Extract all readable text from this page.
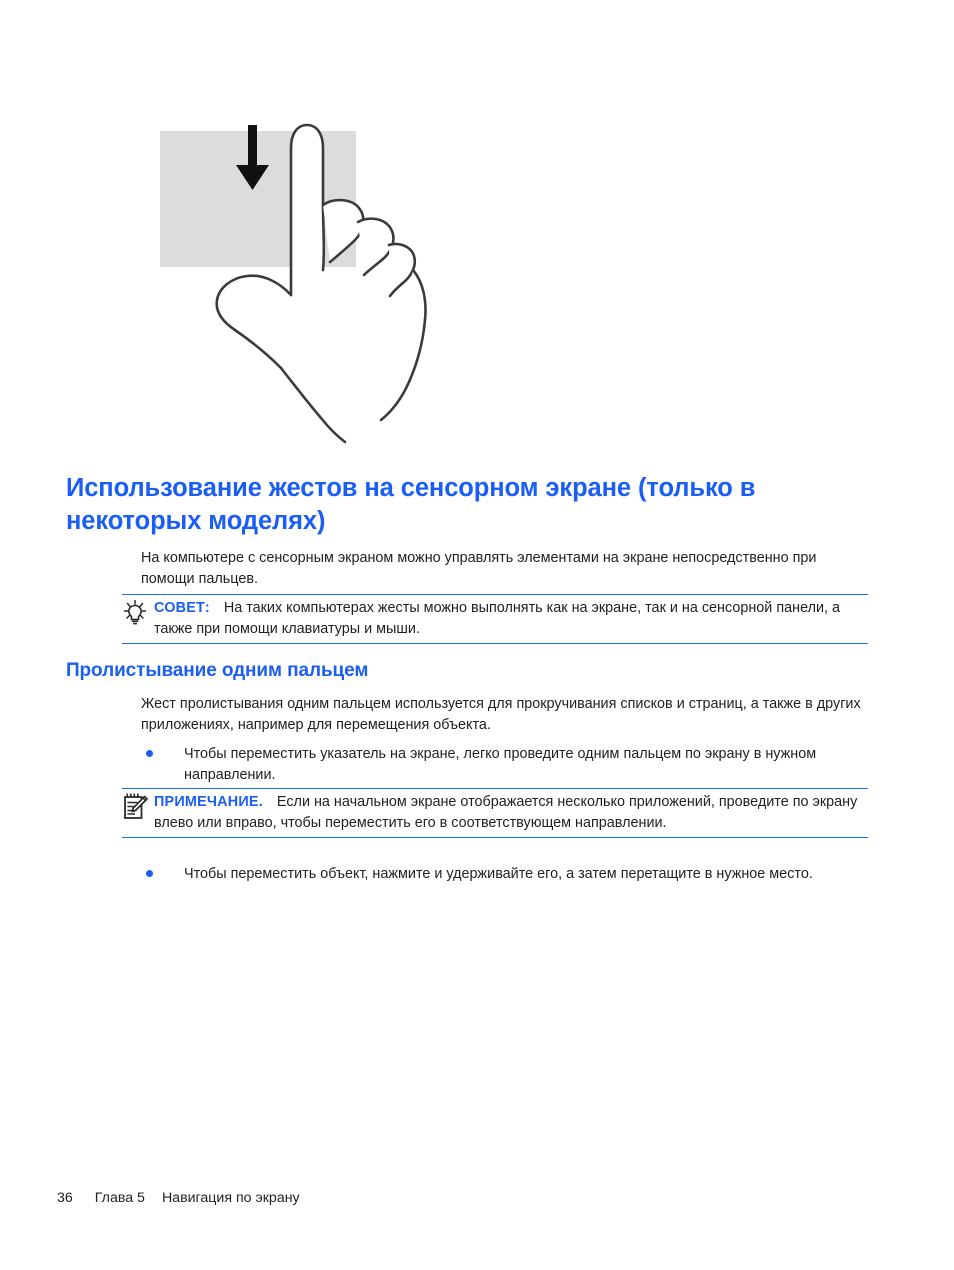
Использование жестов на сенсорном экране (только в некоторых моделях)
На компьютере с сенсорным экраном можно управлять элементами на экране непосредственно при помощи пальцев.
СОВЕТ: На таких компьютерах жесты можно выполнять как на экране, так и на сенсорной панели, а также при помощи клавиатуры и мыши.
Пролистывание одним пальцем
Жест пролистывания одним пальцем используется для прокручивания списков и страниц, а также в других приложениях, например для перемещения объекта.
Чтобы переместить указатель на экране, легко проведите одним пальцем по экрану в нужном направлении.
ПРИМЕЧАНИЕ. Если на начальном экране отображается несколько приложений, проведите по экрану влево или вправо, чтобы переместить его в соответствующем направлении.
Чтобы переместить объект, нажмите и удерживайте его, а затем перетащите в нужное место.
36 Глава 5 Навигация по экрану
